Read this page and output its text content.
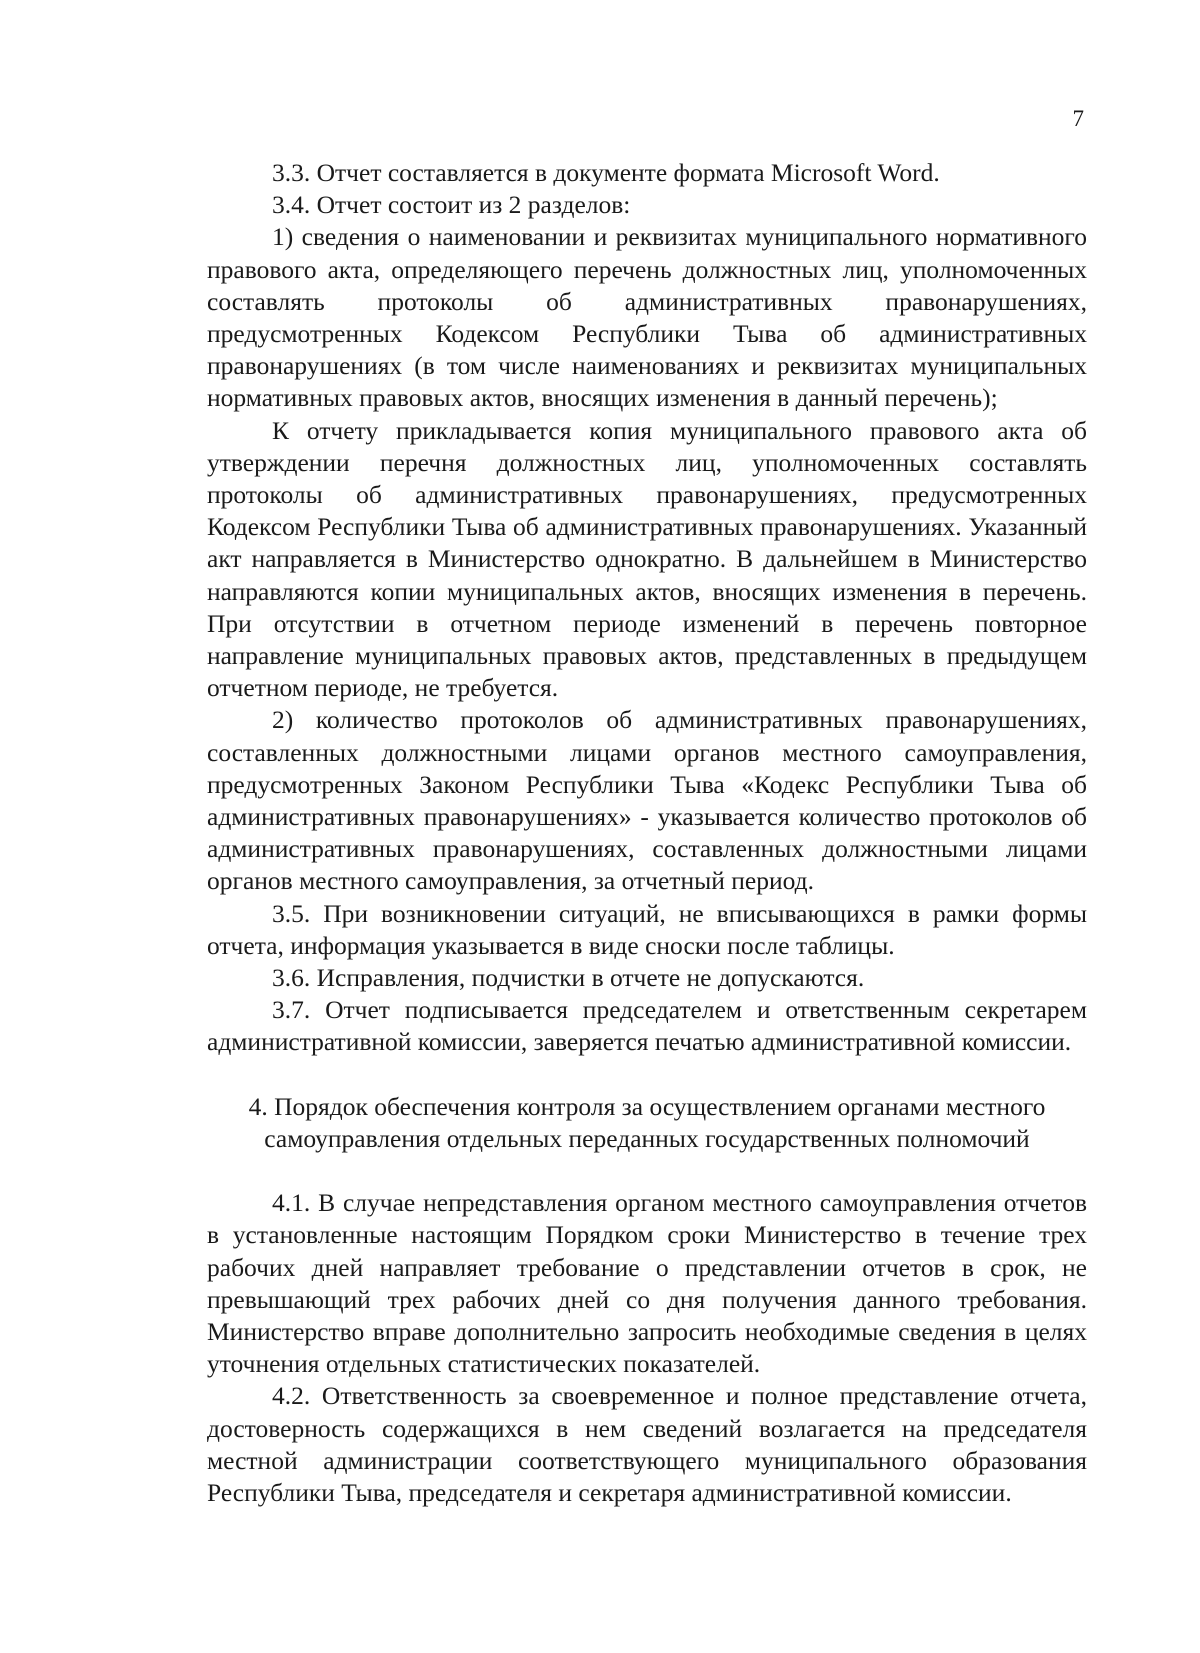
7

3.3. Отчет составляется в документе формата Microsoft Word.

3.4. Отчет состоит из 2 разделов:

1) сведения о наименовании и реквизитах муниципального нормативного правового акта, определяющего перечень должностных лиц, уполномоченных составлять протоколы об административных правонарушениях, предусмотренных Кодексом Республики Тыва об административных правонарушениях (в том числе наименованиях и реквизитах муниципальных нормативных правовых актов, вносящих изменения в данный перечень);

К отчету прикладывается копия муниципального правового акта об утверждении перечня должностных лиц, уполномоченных составлять протоколы об административных правонарушениях, предусмотренных Кодексом Республики Тыва об административных правонарушениях. Указанный акт направляется в Министерство однократно. В дальнейшем в Министерство направляются копии муниципальных актов, вносящих изменения в перечень. При отсутствии в отчетном периоде изменений в перечень повторное направление муниципальных правовых актов, представленных в предыдущем отчетном периоде, не требуется.

2) количество протоколов об административных правонарушениях, составленных должностными лицами органов местного самоуправления, предусмотренных Законом Республики Тыва «Кодекс Республики Тыва об административных правонарушениях» - указывается количество протоколов об административных правонарушениях, составленных должностными лицами органов местного самоуправления, за отчетный период.

3.5. При возникновении ситуаций, не вписывающихся в рамки формы отчета, информация указывается в виде сноски после таблицы.

3.6. Исправления, подчистки в отчете не допускаются.

3.7. Отчет подписывается председателем и ответственным секретарем административной комиссии, заверяется печатью административной комиссии.

4. Порядок обеспечения контроля за осуществлением органами местного
самоуправления отдельных переданных государственных полномочий

4.1. В случае непредставления органом местного самоуправления отчетов в установленные настоящим Порядком сроки Министерство в течение трех рабочих дней направляет требование о представлении отчетов в срок, не превышающий трех рабочих дней со дня получения данного требования. Министерство вправе дополнительно запросить необходимые сведения в целях уточнения отдельных статистических показателей.

4.2. Ответственность за своевременное и полное представление отчета, достоверность содержащихся в нем сведений возлагается на председателя местной администрации соответствующего муниципального образования Республики Тыва, председателя и секретаря административной комиссии.
